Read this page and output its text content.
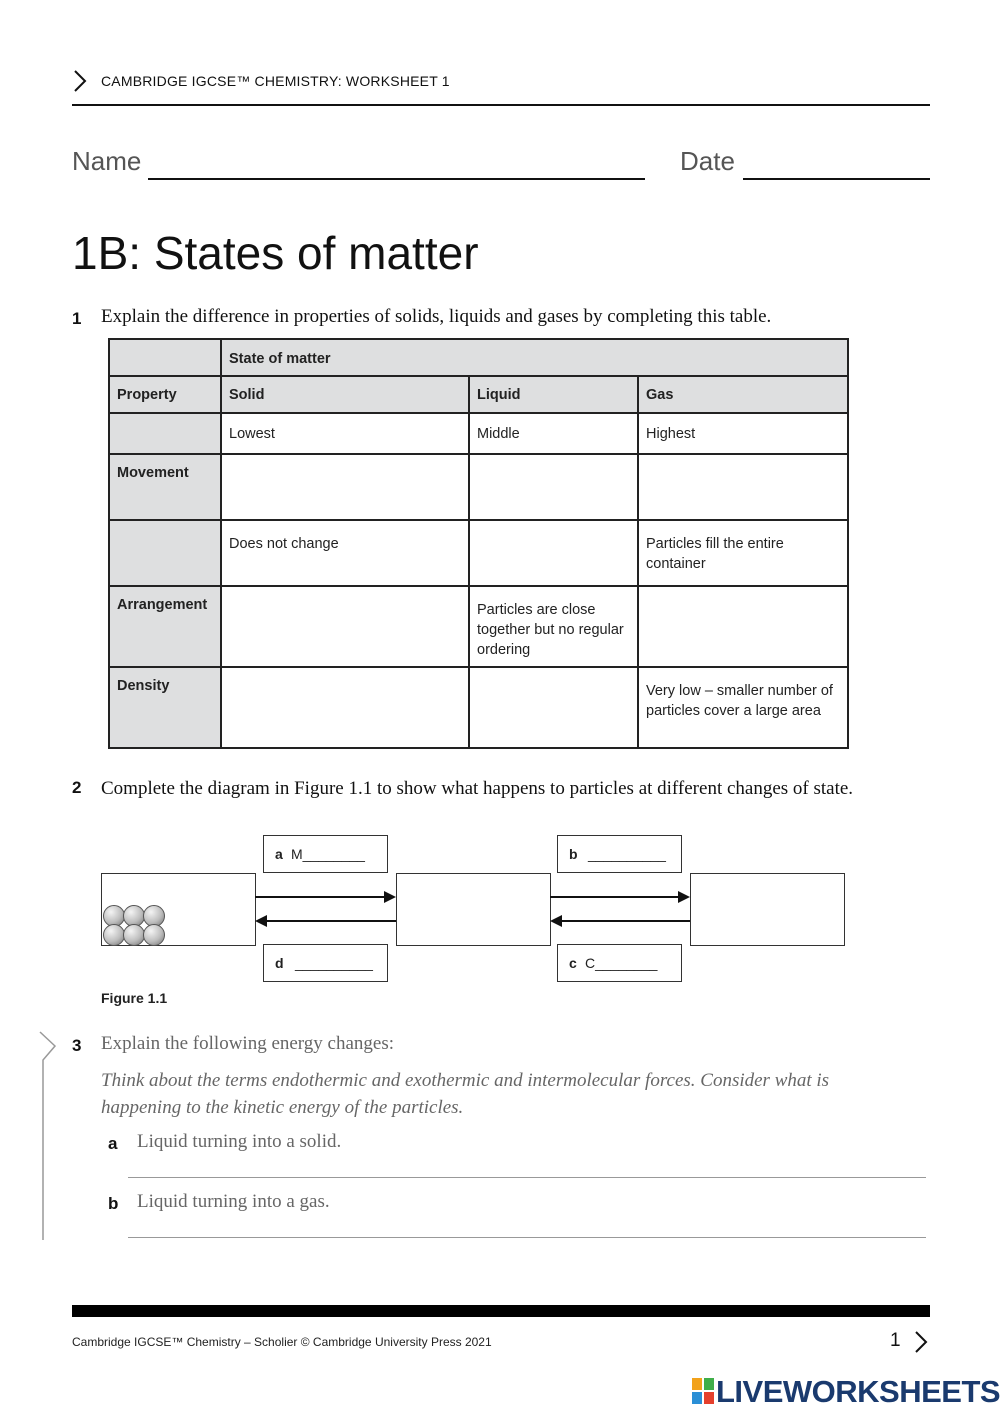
CAMBRIDGE IGCSE™ CHEMISTRY: WORKSHEET 1
Name	Date
1B: States of matter
1 Explain the difference in properties of solids, liquids and gases by completing this table.

	State of matter		

Property	Solid	Liquid	Gas

	Lowest	Middle	Highest

Movement			

	Does not change		Particles fill the entire container

Arrangement		Particles are close together but no regular ordering	

Density			Very low – smaller number of particles cover a large area
2 Complete the diagram in Figure 1.1 to show what happens to particles at different changes of state.
a M________	b __________
d __________	c C________
Figure 1.1
3 Explain the following energy changes:
Think about the terms endothermic and exothermic and intermolecular forces. Consider what is happening to the kinetic energy of the particles.
a Liquid turning into a solid.
b Liquid turning into a gas.
Cambridge IGCSE™ Chemistry – Scholier © Cambridge University Press 2021	1
LIVEWORKSHEETS
